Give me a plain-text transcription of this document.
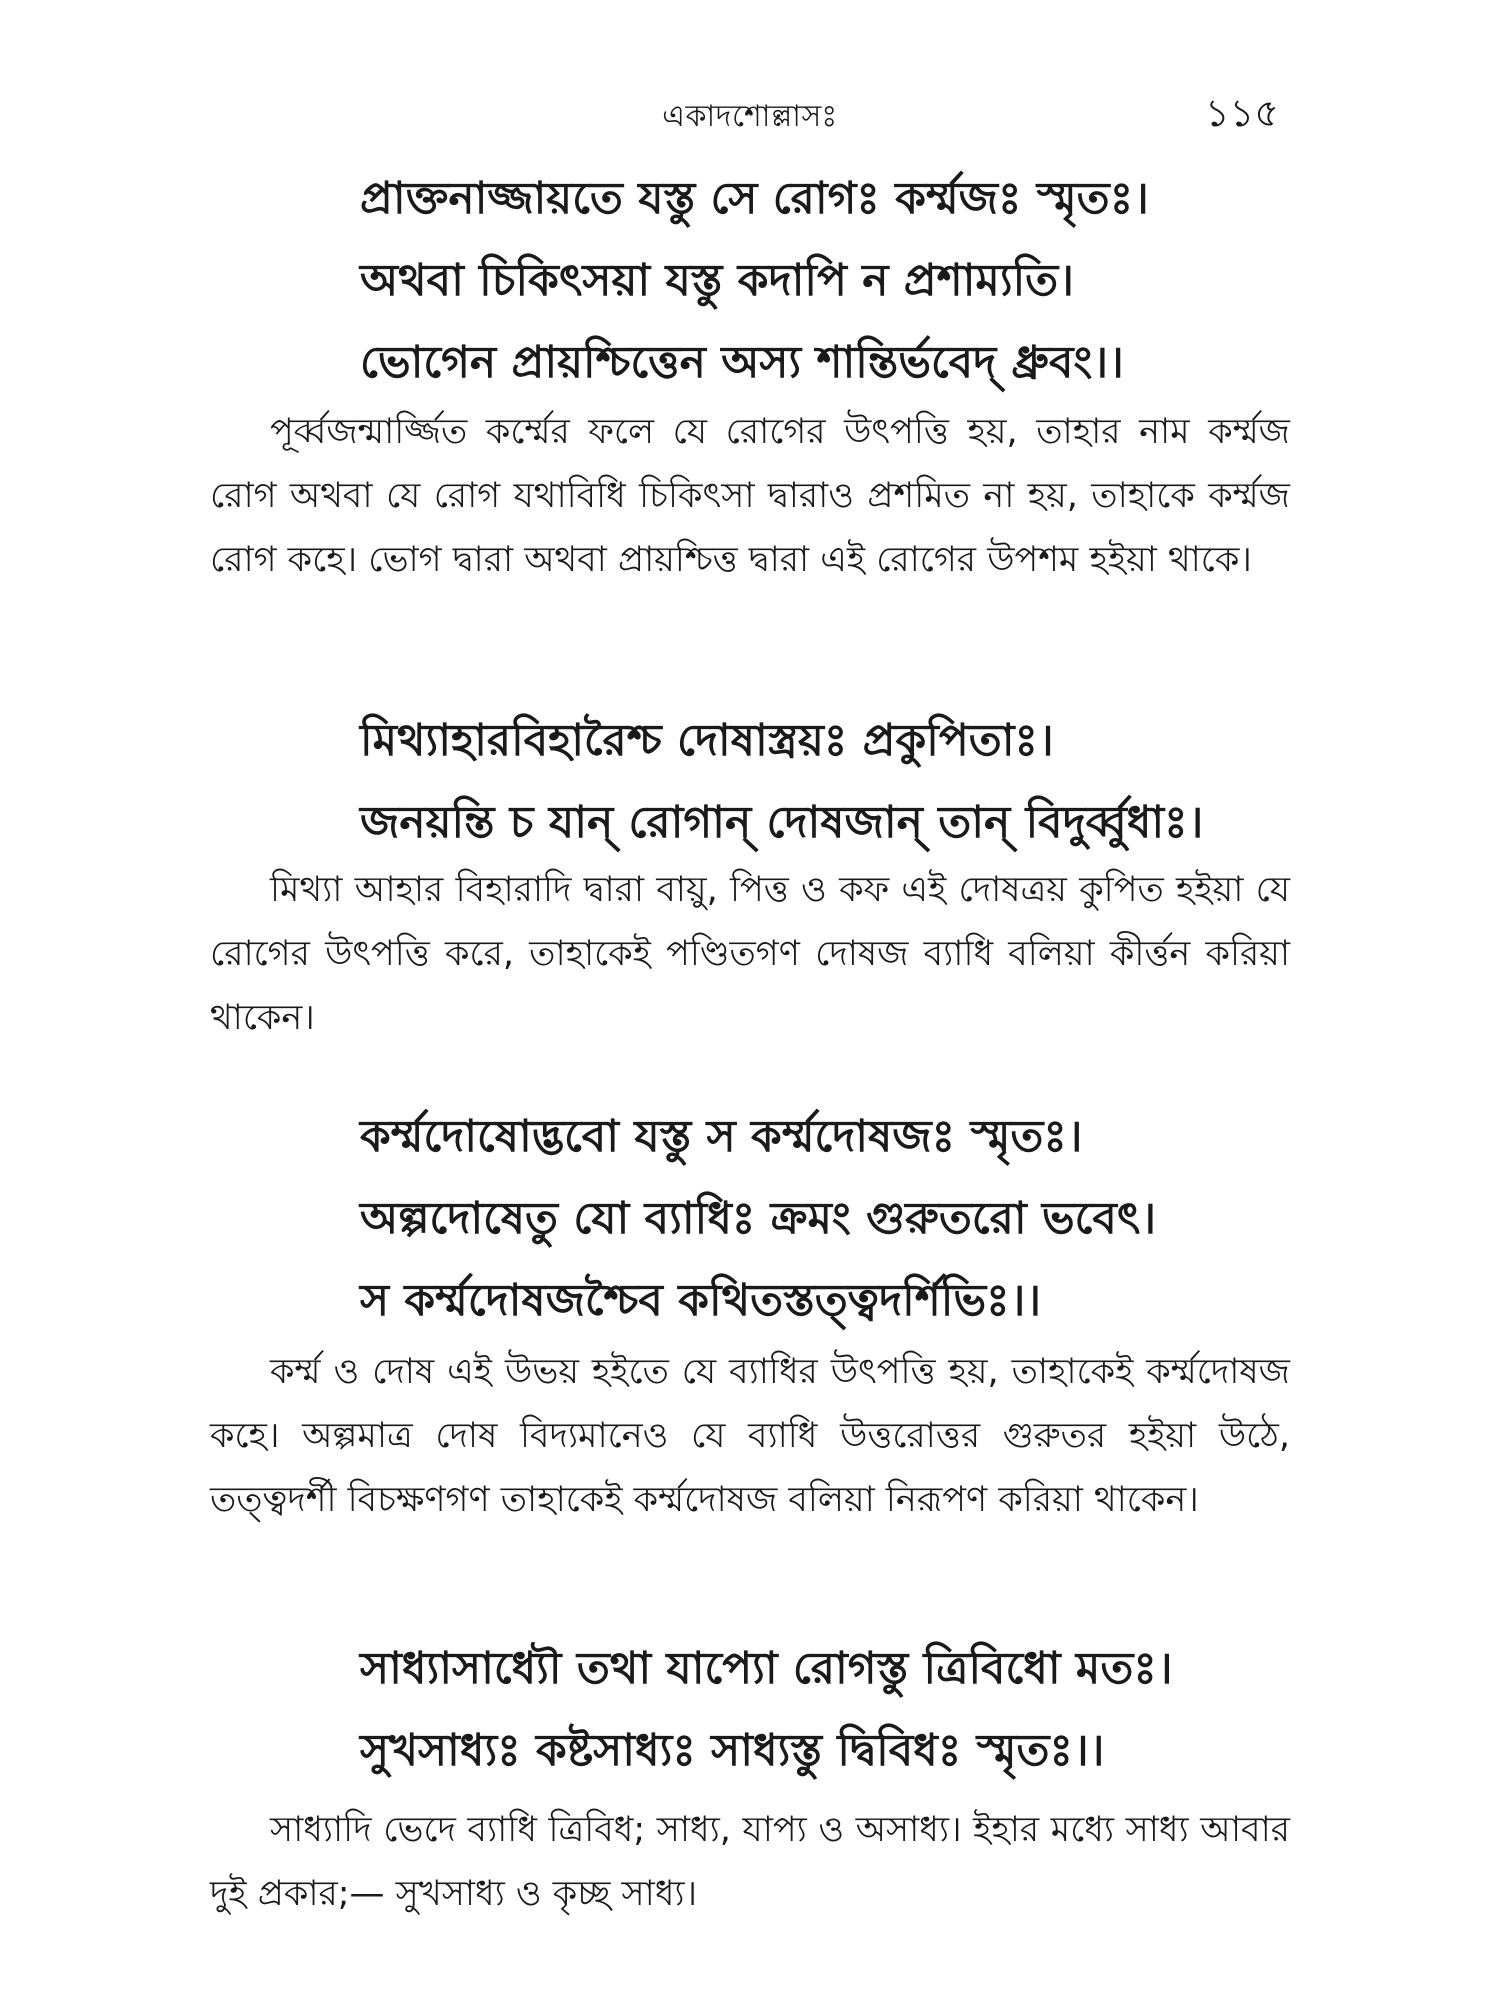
একাদশোল্লাসঃ	১১৫
প্রাক্তনাজ্জায়তে যস্তু সে রোগঃ কর্ম্মজঃ স্মৃতঃ।
অথবা চিকিৎসয়া যস্তু কদাপি ন প্রশাম্যতি।
ভোগেন প্রায়শ্চিত্তেন অস্য শান্তির্ভবেদ্ ধ্রুবং।।
পূর্ব্বজন্মার্জ্জিত কর্ম্মের ফলে যে রোগের উৎপত্তি হয়, তাহার নাম কর্ম্মজ রোগ অথবা যে রোগ যথাবিধি চিকিৎসা দ্বারাও প্রশমিত না হয়, তাহাকে কর্ম্মজ রোগ কহে। ভোগ দ্বারা অথবা প্রায়শ্চিত্ত দ্বারা এই রোগের উপশম হইয়া থাকে।
মিথ্যাহারবিহারৈশ্চ দোষাস্ত্রয়ঃ প্রকুপিতাঃ।
জনয়ন্তি চ যান্ রোগান্ দোষজান্ তান্ বিদুর্ব্বুধাঃ।
মিথ্যা আহার বিহারাদি দ্বারা বায়ু, পিত্ত ও কফ এই দোষত্রয় কুপিত হইয়া যে রোগের উৎপত্তি করে, তাহাকেই পণ্ডিতগণ দোষজ ব্যাধি বলিয়া কীর্ত্তন করিয়া থাকেন।
কর্ম্মদোষোদ্ভবো যস্তু স কর্ম্মদোষজঃ স্মৃতঃ।
অল্পদোষেতু যো ব্যাধিঃ ক্রমং গুরুতরো ভবেৎ।
স কর্ম্মদোষজশ্চৈব কথিতস্তত্ত্বদর্শিভিঃ।।
কর্ম্ম ও দোষ এই উভয় হইতে যে ব্যাধির উৎপত্তি হয়, তাহাকেই কর্ম্মদোষজ কহে। অল্পমাত্র দোষ বিদ্যমানেও যে ব্যাধি উত্তরোত্তর গুরুতর হইয়া উঠে, তত্ত্বদর্শী বিচক্ষণগণ তাহাকেই কর্ম্মদোষজ বলিয়া নিরূপণ করিয়া থাকেন।
সাধ্যাসাধ্যৌ তথা যাপ্যো রোগস্তু ত্রিবিধো মতঃ।
সুখসাধ্যঃ কষ্টসাধ্যঃ সাধ্যস্তু দ্বিবিধঃ স্মৃতঃ।।
সাধ্যাদি ভেদে ব্যাধি ত্রিবিধ; সাধ্য, যাপ্য ও অসাধ্য। ইহার মধ্যে সাধ্য আবার দুই প্রকার;— সুখসাধ্য ও কৃচ্ছ সাধ্য।
